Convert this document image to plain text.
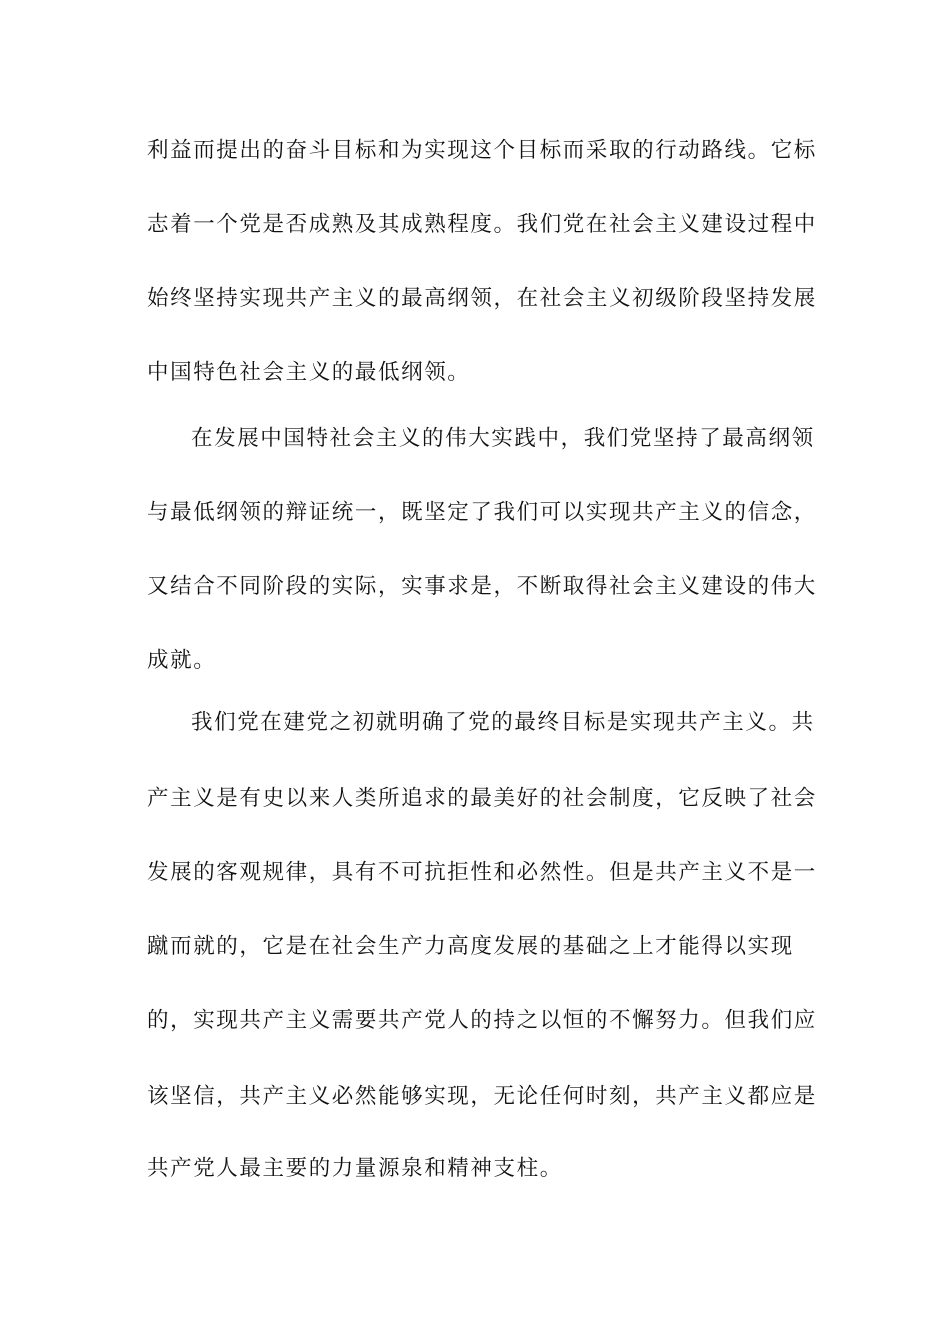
利益而提出的奋斗目标和为实现这个目标而采取的行动路线。它标
志着一个党是否成熟及其成熟程度。我们党在社会主义建设过程中
始终坚持实现共产主义的最高纲领，在社会主义初级阶段坚持发展
中国特色社会主义的最低纲领。
在发展中国特社会主义的伟大实践中，我们党坚持了最高纲领
与最低纲领的辩证统一，既坚定了我们可以实现共产主义的信念，
又结合不同阶段的实际，实事求是，不断取得社会主义建设的伟大
成就。
我们党在建党之初就明确了党的最终目标是实现共产主义。共
产主义是有史以来人类所追求的最美好的社会制度，它反映了社会
发展的客观规律，具有不可抗拒性和必然性。但是共产主义不是一
蹴而就的，它是在社会生产力高度发展的基础之上才能得以实现
的，实现共产主义需要共产党人的持之以恒的不懈努力。但我们应
该坚信，共产主义必然能够实现，无论任何时刻，共产主义都应是
共产党人最主要的力量源泉和精神支柱。
